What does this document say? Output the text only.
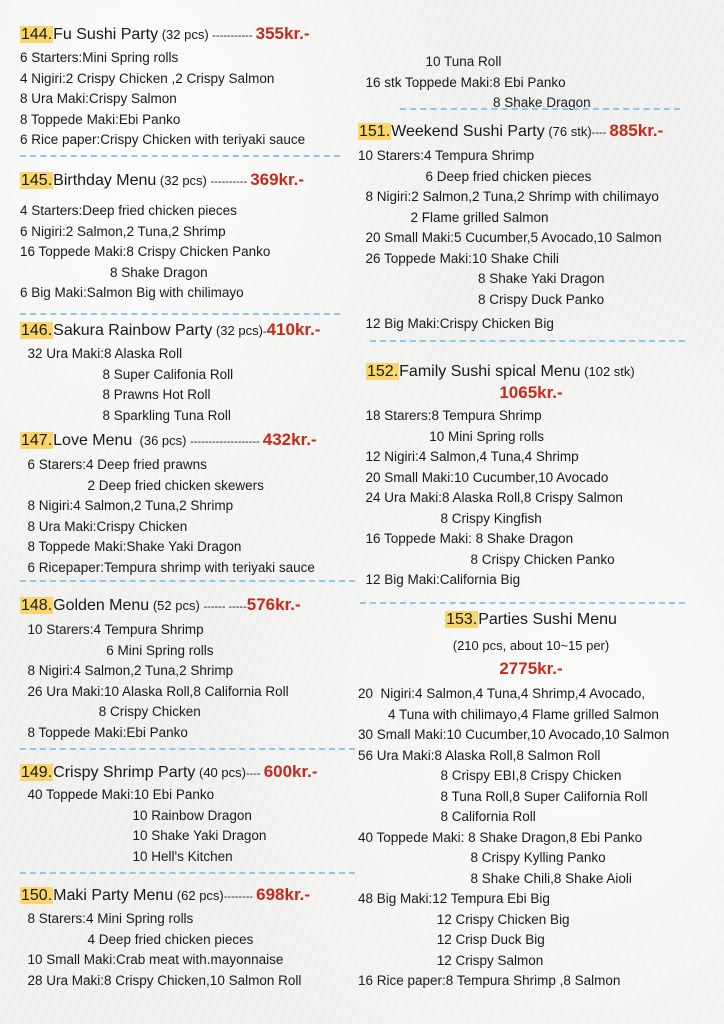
144.Fu Sushi Party (32 pcs) ----------- 355kr.-
6 Starters:Mini Spring rolls
4 Nigiri:2 Crispy Chicken ,2 Crispy Salmon
8 Ura Maki:Crispy Salmon
8 Toppede Maki:Ebi Panko
6 Rice paper:Crispy Chicken with teriyaki sauce
145.Birthday Menu (32 pcs) ---------- 369kr.-
4 Starters:Deep fried chicken pieces
6 Nigiri:2 Salmon,2 Tuna,2 Shrimp
16 Toppede Maki:8 Crispy Chicken Panko
8 Shake Dragon
6 Big Maki:Salmon Big with chilimayo
146.Sakura Rainbow Party (32 pcs)-410kr.-
32 Ura Maki:8 Alaska Roll
8 Super Califonia Roll
8 Prawns Hot Roll
8 Sparkling Tuna Roll
147.Love Menu  (36 pcs) ------------------- 432kr.-
6 Starers:4 Deep fried prawns
2 Deep fried chicken skewers
8 Nigiri:4 Salmon,2 Tuna,2 Shrimp
8 Ura Maki:Crispy Chicken
8 Toppede Maki:Shake Yaki Dragon
6 Ricepaper:Tempura shrimp with teriyaki sauce
148.Golden Menu (52 pcs) ------ -----576kr.-
10 Starers:4 Tempura Shrimp
6 Mini Spring rolls
8 Nigiri:4 Salmon,2 Tuna,2 Shrimp
26 Ura Maki:10 Alaska Roll,8 California Roll
8 Crispy Chicken
8 Toppede Maki:Ebi Panko
149.Crispy Shrimp Party (40 pcs)---- 600kr.-
40 Toppede Maki:10 Ebi Panko
10 Rainbow Dragon
10 Shake Yaki Dragon
10 Hell's Kitchen
150.Maki Party Menu (62 pcs)-------- 698kr.-
8 Starers:4 Mini Spring rolls
4 Deep fried chicken pieces
10 Small Maki:Crab meat with.mayonnaise
28 Ura Maki:8 Crispy Chicken,10 Salmon Roll
10 Tuna Roll
16 stk Toppede Maki:8 Ebi Panko
8 Shake Dragon
151.Weekend Sushi Party (76 stk)---- 885kr.-
10 Starers:4 Tempura Shrimp
6 Deep fried chicken pieces
8 Nigiri:2 Salmon,2 Tuna,2 Shrimp with chilimayo
2 Flame grilled Salmon
20 Small Maki:5 Cucumber,5 Avocado,10 Salmon
26 Toppede Maki:10 Shake Chili
8 Shake Yaki Dragon
8 Crispy Duck Panko
12 Big Maki:Crispy Chicken Big
152.Family Sushi spical Menu (102 stk)
1065kr.-
18 Starers:8 Tempura Shrimp
10 Mini Spring rolls
12 Nigiri:4 Salmon,4 Tuna,4 Shrimp
20 Small Maki:10 Cucumber,10 Avocado
24 Ura Maki:8 Alaska Roll,8 Crispy Salmon
8 Crispy Kingfish
16 Toppede Maki: 8 Shake Dragon
8 Crispy Chicken Panko
12 Big Maki:California Big
153.Parties Sushi Menu
(210 pcs, about 10~15 per)
2775kr.-
20  Nigiri:4 Salmon,4 Tuna,4 Shrimp,4 Avocado,
4 Tuna with chilimayo,4 Flame grilled Salmon
30 Small Maki:10 Cucumber,10 Avocado,10 Salmon
56 Ura Maki:8 Alaska Roll,8 Salmon Roll
8 Crispy EBI,8 Crispy Chicken
8 Tuna Roll,8 Super California Roll
8 California Roll
40 Toppede Maki: 8 Shake Dragon,8 Ebi Panko
8 Crispy Kylling Panko
8 Shake Chili,8 Shake Aioli
48 Big Maki:12 Tempura Ebi Big
12 Crispy Chicken Big
12 Crisp Duck Big
12 Crispy Salmon
16 Rice paper:8 Tempura Shrimp ,8 Salmon
